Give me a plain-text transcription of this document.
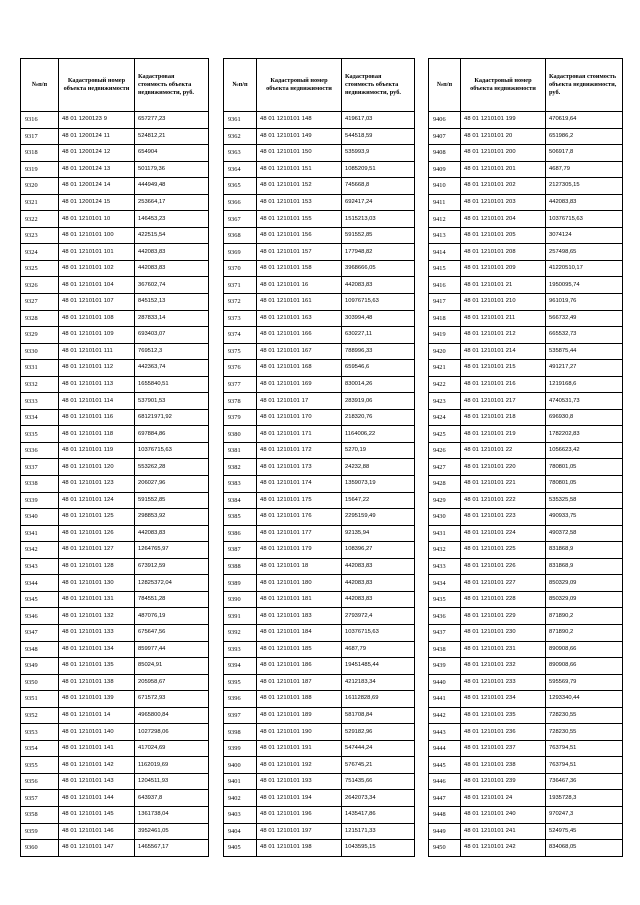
№п/п	Кадастровый номер объекта недвижимости	Кадастровая стоимость объекта недвижимости, руб.
9316	48 01 1200123 9	657277,23
9317	48 01 1200124 11	524812,21
9318	48 01 1200124 12	654904
9319	48 01 1200124 13	501179,36
9320	48 01 1200124 14	444949,48
9321	48 01 1200124 15	253664,17
9322	48 01 1210101 10	146453,23
9323	48 01 1210101 100	422515,54
9324	48 01 1210101 101	442083,83
9325	48 01 1210101 102	442083,83
9326	48 01 1210101 104	367602,74
9327	48 01 1210101 107	845152,13
9328	48 01 1210101 108	287833,14
9329	48 01 1210101 109	693403,07
9330	48 01 1210101 111	769512,3
9331	48 01 1210101 112	442363,74
9332	48 01 1210101 113	1655840,51
9333	48 01 1210101 114	537901,53
9334	48 01 1210101 116	68121971,92
9335	48 01 1210101 118	697884,86
9336	48 01 1210101 119	10376715,63
9337	48 01 1210101 120	553262,28
9338	48 01 1210101 123	206027,96
9339	48 01 1210101 124	591552,85
9340	48 01 1210101 125	298853,92
9341	48 01 1210101 126	442083,83
9342	48 01 1210101 127	1264765,97
9343	48 01 1210101 128	673912,59
9344	48 01 1210101 130	12825372,04
9345	48 01 1210101 131	784551,28
9346	48 01 1210101 132	487076,19
9347	48 01 1210101 133	675647,56
9348	48 01 1210101 134	859977,44
9349	48 01 1210101 135	85024,91
9350	48 01 1210101 138	205958,67
9351	48 01 1210101 139	671572,93
9352	48 01 1210101 14	4965800,84
9353	48 01 1210101 140	1027298,06
9354	48 01 1210101 141	417024,69
9355	48 01 1210101 142	1162019,69
9356	48 01 1210101 143	1204511,93
9357	48 01 1210101 144	643937,8
9358	48 01 1210101 145	1361738,04
9359	48 01 1210101 146	3952461,05
9360	48 01 1210101 147	1465567,17
№п/п	Кадастровый номер объекта недвижимости	Кадастровая стоимость объекта недвижимости, руб.
9361	48 01 1210101 148	419617,03
9362	48 01 1210101 149	544518,59
9363	48 01 1210101 150	535993,9
9364	48 01 1210101 151	1085209,51
9365	48 01 1210101 152	745668,8
9366	48 01 1210101 153	692417,24
9367	48 01 1210101 155	1515213,03
9368	48 01 1210101 156	591552,85
9369	48 01 1210101 157	177948,82
9370	48 01 1210101 158	3968666,05
9371	48 01 1210101 16	442083,83
9372	48 01 1210101 161	10976715,63
9373	48 01 1210101 163	303994,48
9374	48 01 1210101 166	630227,11
9375	48 01 1210101 167	788996,33
9376	48 01 1210101 168	659546,6
9377	48 01 1210101 169	830014,26
9378	48 01 1210101 17	283919,06
9379	48 01 1210101 170	218320,76
9380	48 01 1210101 171	1164006,22
9381	48 01 1210101 172	5270,19
9382	48 01 1210101 173	24232,88
9383	48 01 1210101 174	1359073,19
9384	48 01 1210101 175	15647,22
9385	48 01 1210101 176	2295159,49
9386	48 01 1210101 177	92135,94
9387	48 01 1210101 179	108396,27
9388	48 01 1210101 18	442083,83
9389	48 01 1210101 180	442083,83
9390	48 01 1210101 181	442083,83
9391	48 01 1210101 183	2793972,4
9392	48 01 1210101 184	10376715,63
9393	48 01 1210101 185	4687,79
9394	48 01 1210101 186	19451485,44
9395	48 01 1210101 187	4212183,34
9396	48 01 1210101 188	16112828,69
9397	48 01 1210101 189	581708,84
9398	48 01 1210101 190	529182,96
9399	48 01 1210101 191	547444,24
9400	48 01 1210101 192	576745,21
9401	48 01 1210101 193	751435,66
9402	48 01 1210101 194	2642073,34
9403	48 01 1210101 196	1435417,86
9404	48 01 1210101 197	1215171,33
9405	48 01 1210101 198	1043595,15
№п/п	Кадастровый номер объекта недвижимости	Кадастровая стоимость объекта недвижимости, руб.
9406	48 01 1210101 199	470619,64
9407	48 01 1210101 20	651986,2
9408	48 01 1210101 200	506917,8
9409	48 01 1210101 201	4687,79
9410	48 01 1210101 202	2127305,15
9411	48 01 1210101 203	442083,83
9412	48 01 1210101 204	10376715,63
9413	48 01 1210101 205	3074124
9414	48 01 1210101 208	257498,65
9415	48 01 1210101 209	41220510,17
9416	48 01 1210101 21	1950095,74
9417	48 01 1210101 210	961019,76
9418	48 01 1210101 211	566732,49
9419	48 01 1210101 212	665532,73
9420	48 01 1210101 214	535875,44
9421	48 01 1210101 215	491217,27
9422	48 01 1210101 216	1219168,6
9423	48 01 1210101 217	4740531,73
9424	48 01 1210101 218	696930,8
9425	48 01 1210101 219	1782202,83
9426	48 01 1210101 22	1056623,42
9427	48 01 1210101 220	780801,05
9428	48 01 1210101 221	780801,05
9429	48 01 1210101 222	535325,58
9430	48 01 1210101 223	490933,75
9431	48 01 1210101 224	490372,58
9432	48 01 1210101 225	831868,9
9433	48 01 1210101 226	831868,9
9434	48 01 1210101 227	850329,09
9435	48 01 1210101 228	850329,09
9436	48 01 1210101 229	871890,2
9437	48 01 1210101 230	871890,2
9438	48 01 1210101 231	890908,66
9439	48 01 1210101 232	890908,66
9440	48 01 1210101 233	595569,79
9441	48 01 1210101 234	1293340,44
9442	48 01 1210101 235	728230,55
9443	48 01 1210101 236	728230,55
9444	48 01 1210101 237	763794,51
9445	48 01 1210101 238	763794,51
9446	48 01 1210101 239	736467,36
9447	48 01 1210101 24	1935728,3
9448	48 01 1210101 240	970247,3
9449	48 01 1210101 241	524975,45
9450	48 01 1210101 242	834068,05
